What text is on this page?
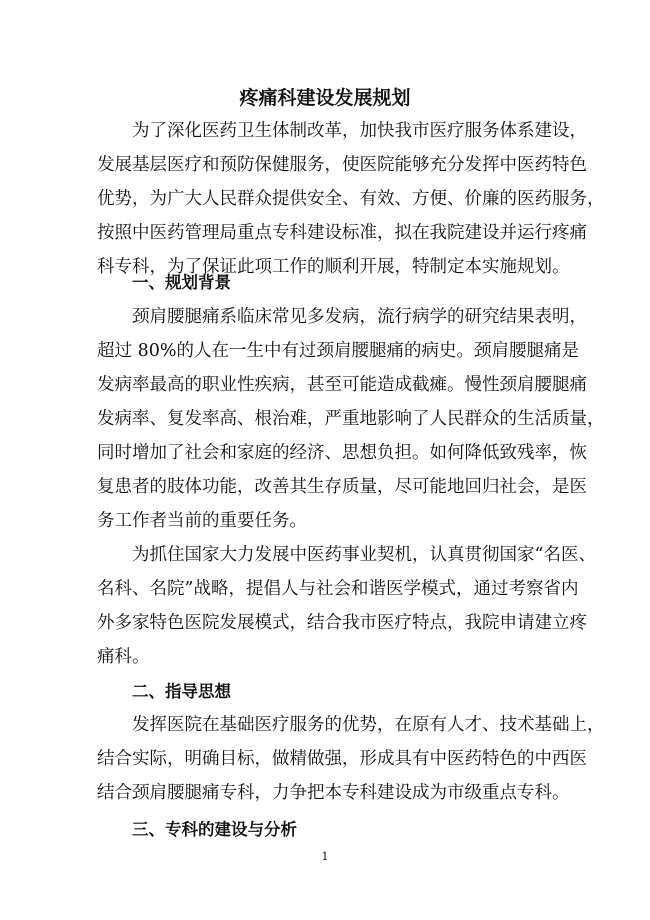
疼痛科建设发展规划
为了深化医药卫生体制改革，加快我市医疗服务体系建设，
发展基层医疗和预防保健服务，使医院能够充分发挥中医药特色
优势，为广大人民群众提供安全、有效、方便、价廉的医药服务，
按照中医药管理局重点专科建设标准，拟在我院建设并运行疼痛
科专科，为了保证此项工作的顺利开展，特制定本实施规划。
一、规划背景
颈肩腰腿痛系临床常见多发病，流行病学的研究结果表明，
超过 80%的人在一生中有过颈肩腰腿痛的病史。颈肩腰腿痛是
发病率最高的职业性疾病，甚至可能造成截瘫。慢性颈肩腰腿痛
发病率、复发率高、根治难，严重地影响了人民群众的生活质量，
同时增加了社会和家庭的经济、思想负担。如何降低致残率，恢
复患者的肢体功能，改善其生存质量，尽可能地回归社会，是医
务工作者当前的重要任务。
为抓住国家大力发展中医药事业契机，认真贯彻国家“名医、
名科、名院”战略，提倡人与社会和谐医学模式，通过考察省内
外多家特色医院发展模式，结合我市医疗特点，我院申请建立疼
痛科。
二、指导思想
发挥医院在基础医疗服务的优势，在原有人才、技术基础上，
结合实际，明确目标，做精做强，形成具有中医药特色的中西医
结合颈肩腰腿痛专科，力争把本专科建设成为市级重点专科。
三、专科的建设与分析
1
